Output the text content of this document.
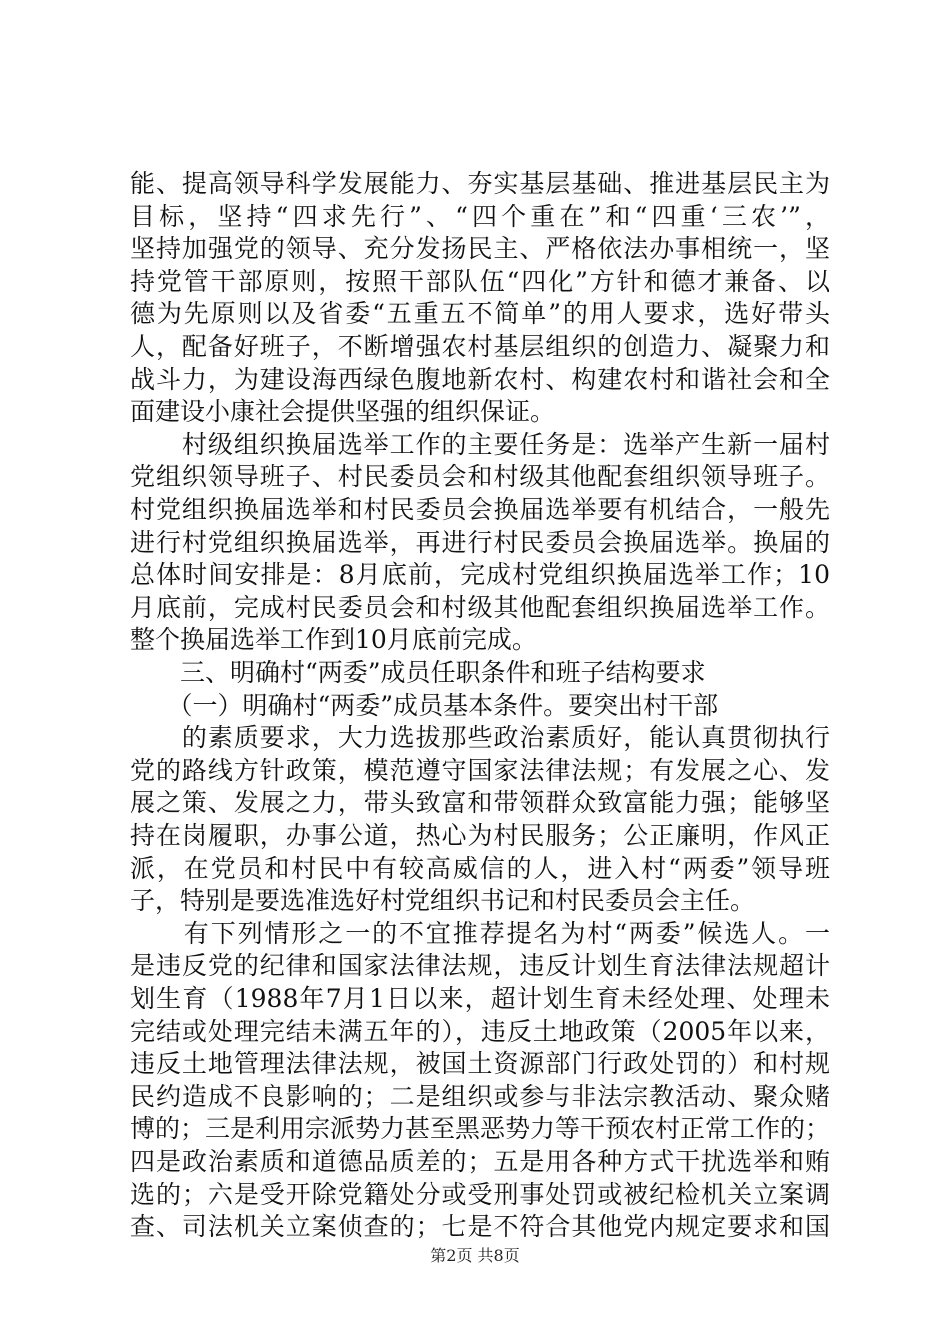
能、提高领导科学发展能力、夯实基层基础、推进基层民主为
目标，坚持“四求先行”、“四个重在”和“四重‘三农’”，
坚持加强党的领导、充分发扬民主、严格依法办事相统一，坚
持党管干部原则，按照干部队伍“四化”方针和德才兼备、以
德为先原则以及省委“五重五不简单”的用人要求，选好带头
人，配备好班子，不断增强农村基层组织的创造力、凝聚力和
战斗力，为建设海西绿色腹地新农村、构建农村和谐社会和全
面建设小康社会提供坚强的组织保证。
　　村级组织换届选举工作的主要任务是：选举产生新一届村
党组织领导班子、村民委员会和村级其他配套组织领导班子。
村党组织换届选举和村民委员会换届选举要有机结合，一般先
进行村党组织换届选举，再进行村民委员会换届选举。换届的
总体时间安排是：8月底前，完成村党组织换届选举工作；10
月底前，完成村民委员会和村级其他配套组织换届选举工作。
整个换届选举工作到10月底前完成。
　　三、明确村“两委”成员任职条件和班子结构要求
　　（一）明确村“两委”成员基本条件。要突出村干部
　　的素质要求，大力选拔那些政治素质好，能认真贯彻执行
党的路线方针政策，模范遵守国家法律法规；有发展之心、发
展之策、发展之力，带头致富和带领群众致富能力强；能够坚
持在岗履职，办事公道，热心为村民服务；公正廉明，作风正
派，在党员和村民中有较高威信的人，进入村“两委”领导班
子，特别是要选准选好村党组织书记和村民委员会主任。
　　有下列情形之一的不宜推荐提名为村“两委”候选人。一
是违反党的纪律和国家法律法规，违反计划生育法律法规超计
划生育（1988年7月1日以来，超计划生育未经处理、处理未
完结或处理完结未满五年的），违反土地政策（2005年以来，
违反土地管理法律法规，被国土资源部门行政处罚的）和村规
民约造成不良影响的；二是组织或参与非法宗教活动、聚众赌
博的；三是利用宗派势力甚至黑恶势力等干预农村正常工作的；
四是政治素质和道德品质差的；五是用各种方式干扰选举和贿
选的；六是受开除党籍处分或受刑事处罚或被纪检机关立案调
查、司法机关立案侦查的；七是不符合其他党内规定要求和国
第2页 共8页
